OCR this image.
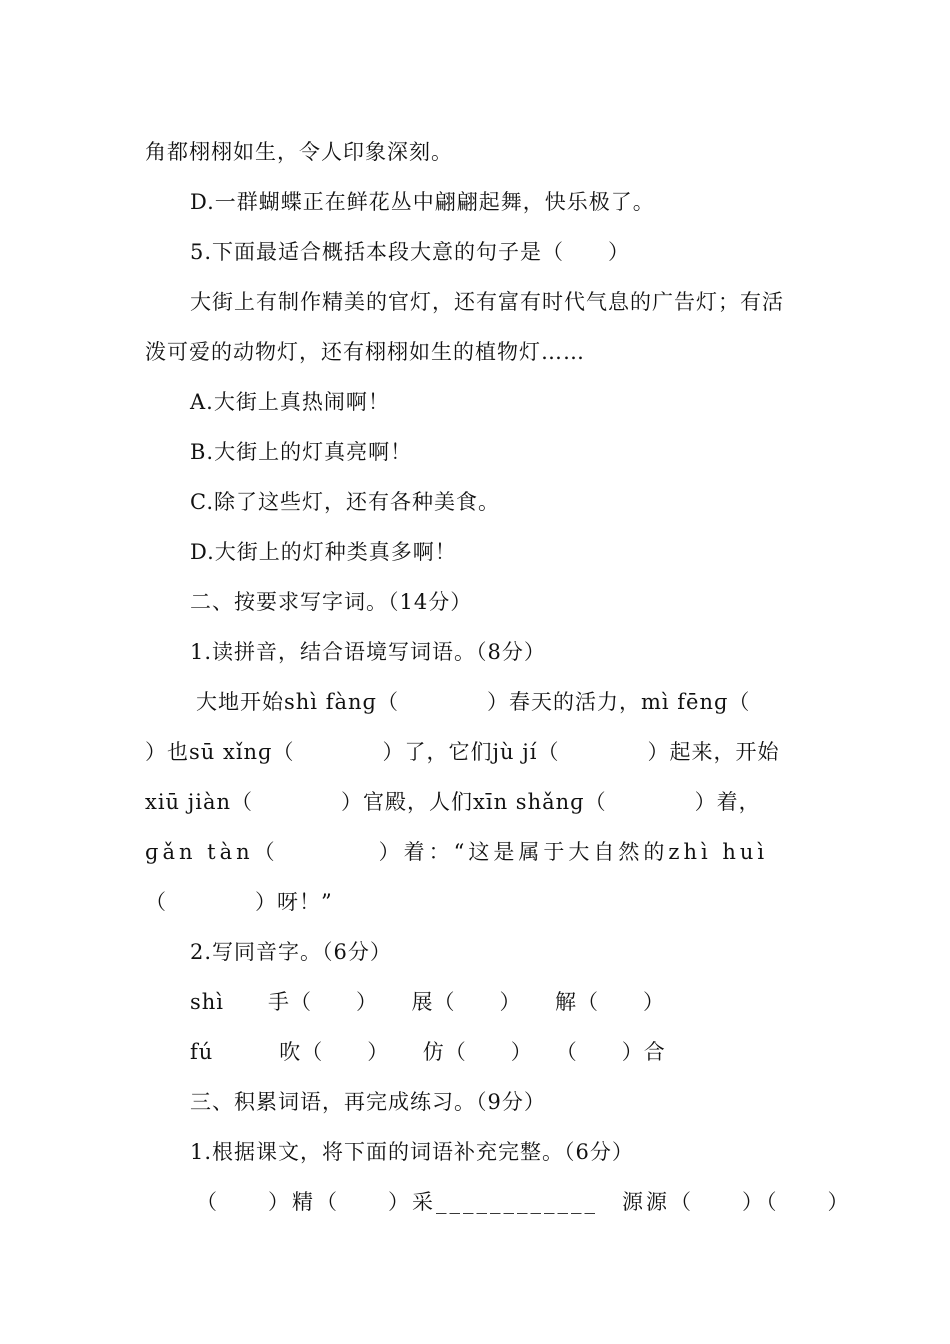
角都栩栩如生，令人印象深刻。
D.一群蝴蝶正在鲜花丛中翩翩起舞，快乐极了。
5.下面最适合概括本段大意的句子是（　　）
大街上有制作精美的官灯，还有富有时代气息的广告灯；有活
泼可爱的动物灯，还有栩栩如生的植物灯……
A.大街上真热闹啊！
B.大街上的灯真亮啊！
C.除了这些灯，还有各种美食。
D.大街上的灯种类真多啊！
二、按要求写字词。（14分）
1.读拼音，结合语境写词语。（8分）
大地开始shì fànɡ（　　　　）春天的活力，mì fēnɡ（
）也sū xǐnɡ（　　　　）了，它们jù jí（　　　　）起来，开始
xiū jiàn（　　　　）官殿，人们xīn shǎnɡ（　　　　）着，
ɡǎn tàn（　　　　）着：“这是属于大自然的zhì huì
（　　　　）呀！”
2.写同音字。（6分）
shì　　手（　　）　　展（　　）　　解（　　）
fú　　　吹（　　）　　仿（　　）　　（　　）合
三、积累词语，再完成练习。（9分）
1.根据课文，将下面的词语补充完整。（6分）
（　　）精（　　）采____________　源源（　　）（　　）
